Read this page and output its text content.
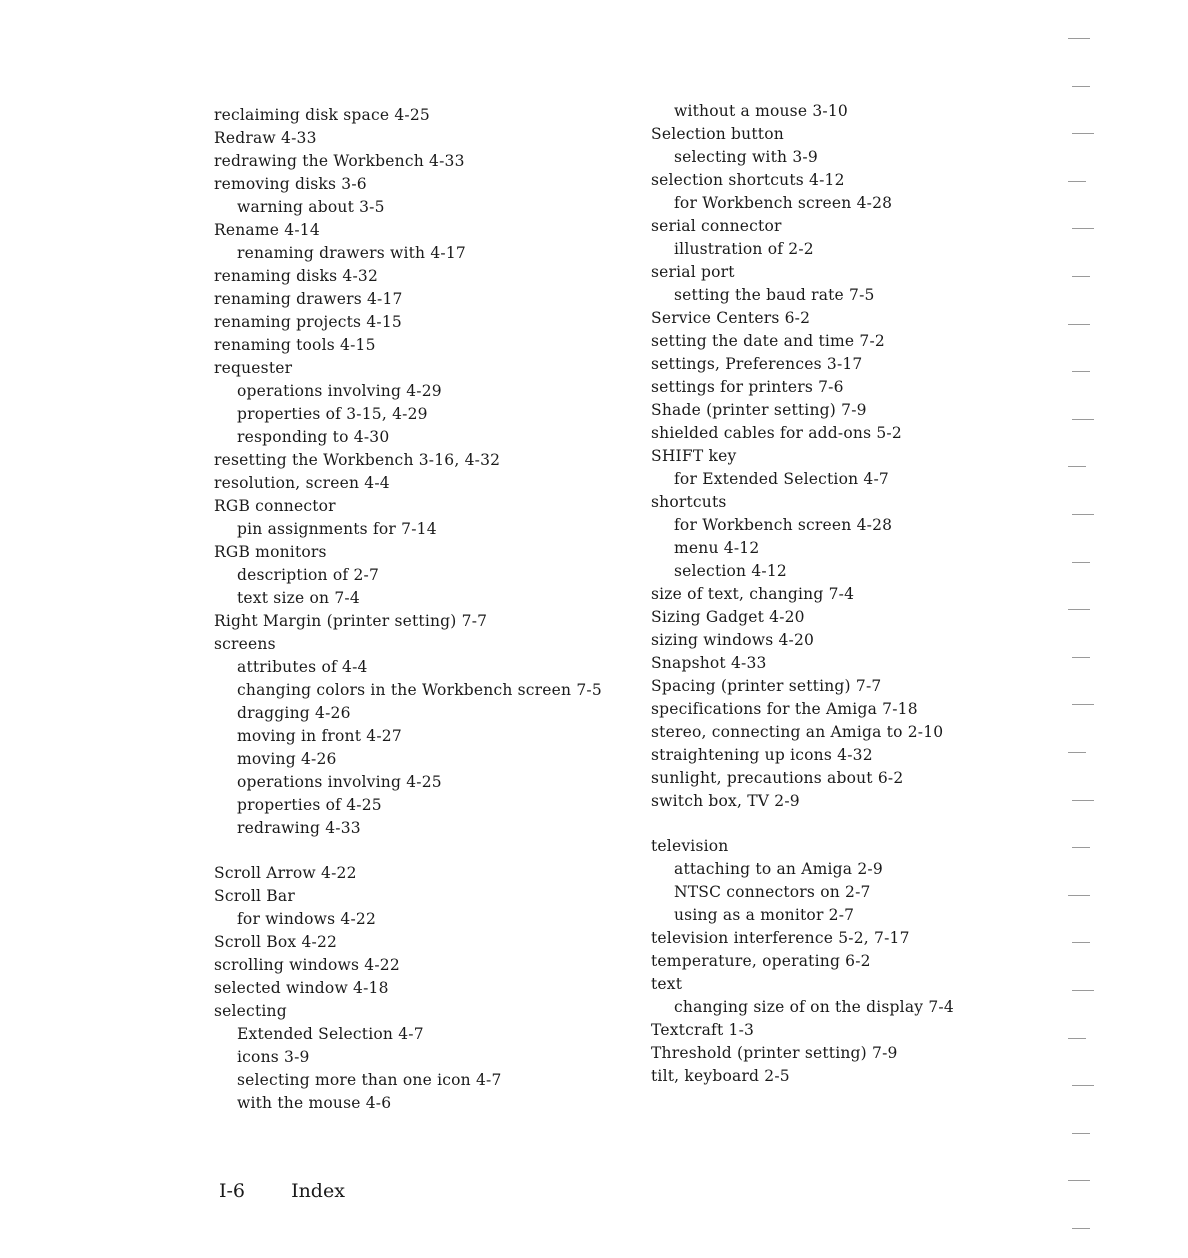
reclaiming disk space 4-25
Redraw 4-33
redrawing the Workbench 4-33
removing disks 3-6
warning about 3-5
Rename 4-14
renaming drawers with 4-17
renaming disks 4-32
renaming drawers 4-17
renaming projects 4-15
renaming tools 4-15
requester
operations involving 4-29
properties of 3-15, 4-29
responding to 4-30
resetting the Workbench 3-16, 4-32
resolution, screen 4-4
RGB connector
pin assignments for 7-14
RGB monitors
description of 2-7
text size on 7-4
Right Margin (printer setting) 7-7
screens
attributes of 4-4
changing colors in the Workbench screen 7-5
dragging 4-26
moving in front 4-27
moving 4-26
operations involving 4-25
properties of 4-25
redrawing 4-33
Scroll Arrow 4-22
Scroll Bar
for windows 4-22
Scroll Box 4-22
scrolling windows 4-22
selected window 4-18
selecting
Extended Selection 4-7
icons 3-9
selecting more than one icon 4-7
with the mouse 4-6
without a mouse 3-10
Selection button
selecting with 3-9
selection shortcuts 4-12
for Workbench screen 4-28
serial connector
illustration of 2-2
serial port
setting the baud rate 7-5
Service Centers 6-2
setting the date and time 7-2
settings, Preferences 3-17
settings for printers 7-6
Shade (printer setting) 7-9
shielded cables for add-ons 5-2
SHIFT key
for Extended Selection 4-7
shortcuts
for Workbench screen 4-28
menu 4-12
selection 4-12
size of text, changing 7-4
Sizing Gadget 4-20
sizing windows 4-20
Snapshot 4-33
Spacing (printer setting) 7-7
specifications for the Amiga 7-18
stereo, connecting an Amiga to 2-10
straightening up icons 4-32
sunlight, precautions about 6-2
switch box, TV 2-9
television
attaching to an Amiga 2-9
NTSC connectors on 2-7
using as a monitor 2-7
television interference 5-2, 7-17
temperature, operating 6-2
text
changing size of on the display 7-4
Textcraft 1-3
Threshold (printer setting) 7-9
tilt, keyboard 2-5
I-6 Index
